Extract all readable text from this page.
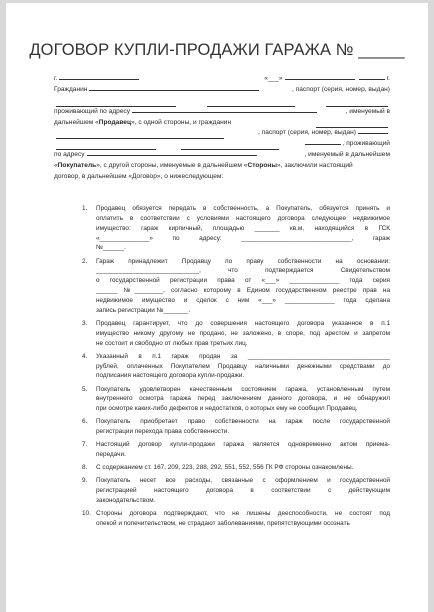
ДОГОВОР КУПЛИ-ПРОДАЖИ ГАРАЖА № _____
г.	«___»	г.
Гражданин	, паспорт (серия, номер, выдан)
проживающий по адресу	, именуемый в
дальнейшем «Продавец», с одной стороны, и гражданин
, паспорт (серия, номер, выдан)
, проживающий
по адресу	, именуемый в дальнейшем
«Покупатель», с другой стороны, именуемые в дальнейшем «Стороны», заключили настоящий
договор, в дальнейшем «Договор», о нижеследующем:
1. Продавец обязуется передать в собственность, а Покупатель, обязуется принять и
оплатить в соответствии с условиями настоящего договора следующее недвижимое
имущество: гараж кирпичный, площадью _______ кв.м, находящийся в ГСК
«______________» по адресу: _______________________________, гараж
№______.
2. Гараж принадлежит Продавцу по праву собственности на основании:
_____________________________, что подтверждается Свидетельством
о государственной регистрации права от «___» ______________ года серия
______ №________, согласно которому в Едином государственном реестре прав на
недвижимое имущество и сделок с ним «___» ______________ года сделана
запись регистрации №_______.
3. Продавец гарантирует, что до совершения настоящего договора указанное в п.1
имущество никому другому не продано, не заложено, в споре, под арестом и запретом
не состоит и свободно от любых прав третьих лиц.
4. Указанный в п.1 гараж продан за ________________________________________
рублей, оплаченных Покупателем Продавцу наличными денежными средствами до
подписания настоящего договора купли-продажи.
5. Покупатель удовлетворен качественным состоянием гаража, установленным путем
внутреннего осмотра гаража перед заключением данного договора, и не обнаружил
при осмотре каких-либо дефектов и недостатков, о которых ему не сообщил Продавец.
6. Покупатель приобретает право собственности на гараж после государственной
регистрации перехода права собственности.
7. Настоящий договор купли-продажи гаража является одновременно актом приема-
передачи.
8. С содержанием ст. 167, 209, 223, 288, 292, 551, 552, 556 ГК РФ стороны ознакомлены.
9. Покупатель несет все расходы, связанные с оформлением и государственной
регистрацией настоящего договора в соответствии с действующим
законодательством.
10. Стороны договора подтверждают, что не лишены дееспособности, не состоят под
опекой и попечительством, не страдают заболеваниями, препятствующими осознать
